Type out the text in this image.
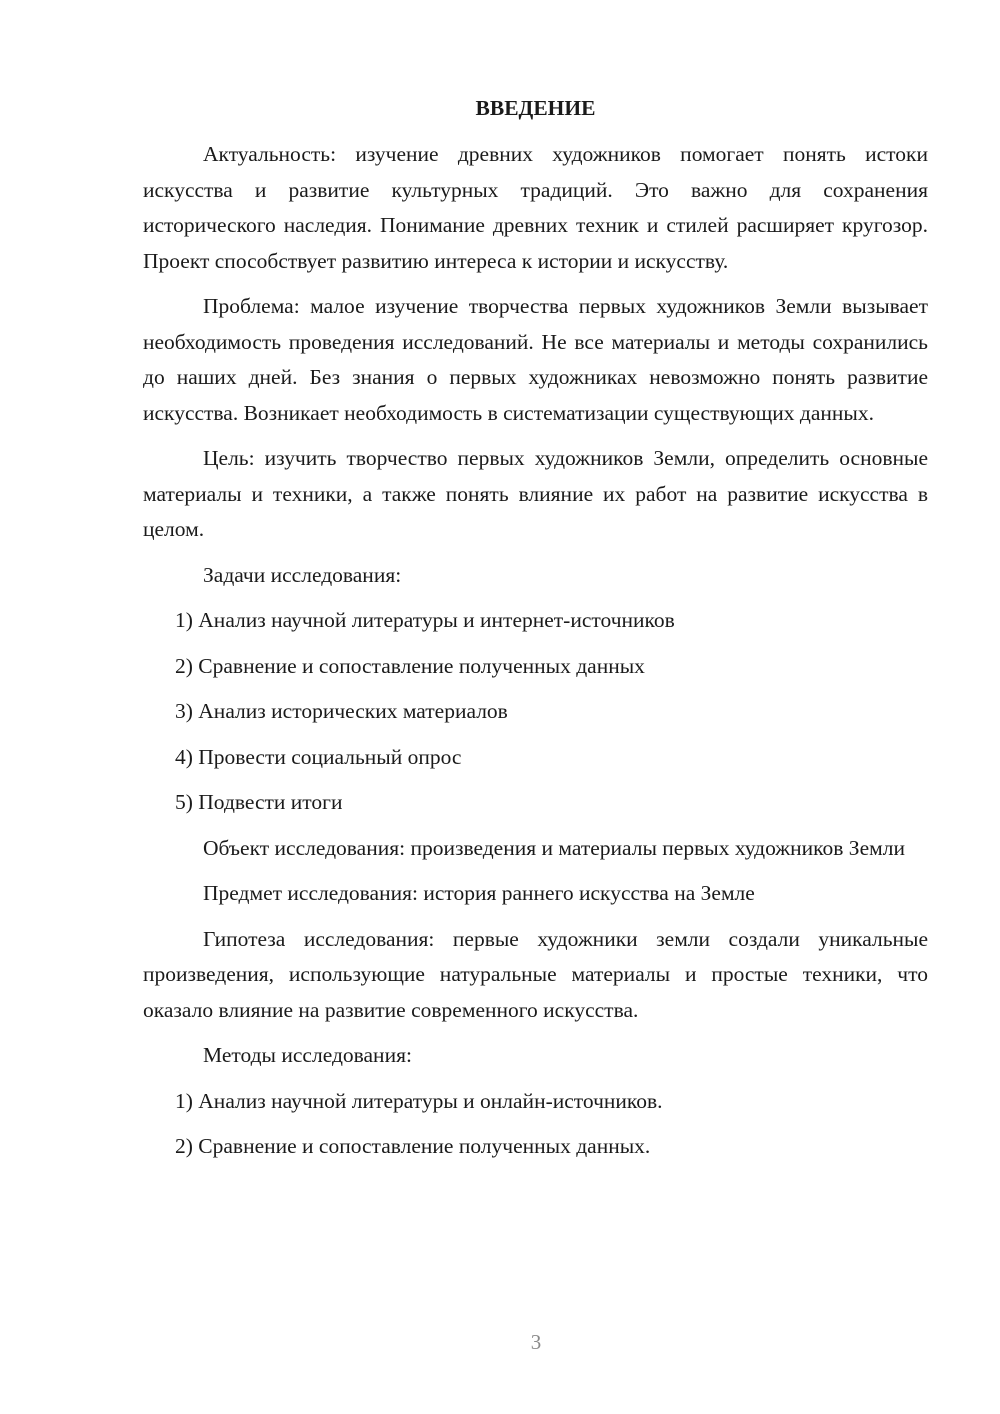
ВВЕДЕНИЕ

Актуальность: изучение древних художников помогает понять истоки искусства и развитие культурных традиций. Это важно для сохранения исторического наследия. Понимание древних техник и стилей расширяет кругозор. Проект способствует развитию интереса к истории и искусству.

Проблема: малое изучение творчества первых художников Земли вызывает необходимость проведения исследований. Не все материалы и методы сохранились до наших дней. Без знания о первых художниках невозможно понять развитие искусства. Возникает необходимость в систематизации существующих данных.

Цель: изучить творчество первых художников Земли, определить основные материалы и техники, а также понять влияние их работ на развитие искусства в целом.

Задачи исследования:

1) Анализ научной литературы и интернет-источников
2) Сравнение и сопоставление полученных данных
3) Анализ исторических материалов
4) Провести социальный опрос
5) Подвести итоги

Объект исследования: произведения и материалы первых художников Земли

Предмет исследования: история раннего искусства на Земле

Гипотеза исследования: первые художники земли создали уникальные произведения, использующие натуральные материалы и простые техники, что оказало влияние на развитие современного искусства.

Методы исследования:

1) Анализ научной литературы и онлайн-источников.
2) Сравнение и сопоставление полученных данных.
3
